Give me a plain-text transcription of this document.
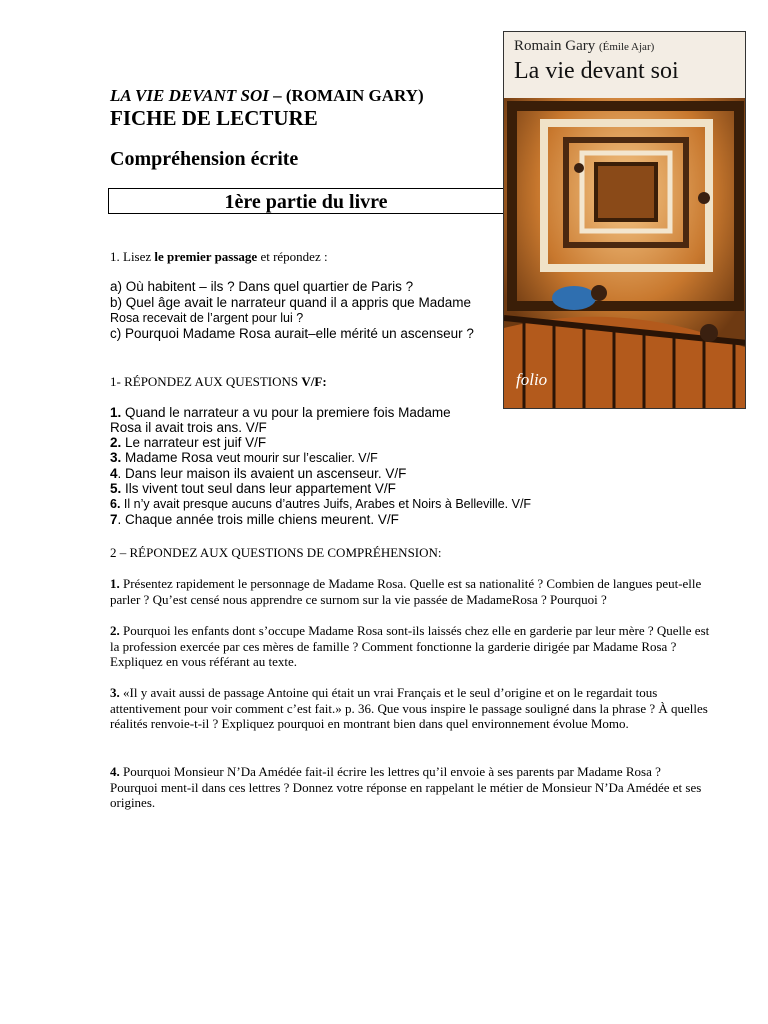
LA VIE DEVANT SOI – (ROMAIN GARY)
FICHE DE LECTURE
Compréhension écrite
1ère partie du livre
1. Lisez le premier passage et répondez :
a) Où habitent – ils ? Dans quel quartier de Paris ?
b) Quel âge avait le narrateur quand il a appris que Madame
Rosa recevait de l’argent pour lui ?
c) Pourquoi Madame Rosa aurait–elle mérité un ascenseur ?
1- RÉPONDEZ AUX QUESTIONS V/F:
1. Quand le narrateur a vu pour la premiere fois Madame
Rosa il avait trois ans. V/F
2. Le narrateur est juif V/F
3. Madame Rosa veut mourir sur l’escalier. V/F
4. Dans leur maison ils avaient un ascenseur. V/F
5. Ils vivent tout seul dans leur appartement V/F
6. Il n’y avait presque aucuns d’autres Juifs, Arabes et Noirs à Belleville. V/F
7. Chaque année trois mille chiens meurent. V/F
2 – RÉPONDEZ AUX QUESTIONS DE COMPRÉHENSION:
1. Présentez rapidement le personnage de Madame Rosa. Quelle est sa nationalité ? Combien de langues peut-elle parler ? Qu’est censé nous apprendre ce surnom sur la vie passée de MadameRosa ? Pourquoi ?
2. Pourquoi les enfants dont s’occupe Madame Rosa sont-ils laissés chez elle en garderie par leur mère ? Quelle est la profession exercée par ces mères de famille ? Comment fonctionne la garderie dirigée par Madame Rosa ? Expliquez en vous référant au texte.
3. «Il y avait aussi de passage Antoine qui était un vrai Français et le seul d’origine et on le regardait tous attentivement pour voir comment c’est fait.» p. 36. Que vous inspire le passage souligné dans la phrase ? À quelles réalités renvoie-t-il ? Expliquez pourquoi en montrant bien dans quel environnement évolue Momo.
4. Pourquoi Monsieur N’Da Amédée fait-il écrire les lettres qu’il envoie à ses parents par Madame Rosa ? Pourquoi ment-il dans ces lettres ? Donnez votre réponse en rappelant le métier de Monsieur N’Da Amédée et ses origines.
Romain Gary (Émile Ajar)
La vie devant soi
folio
